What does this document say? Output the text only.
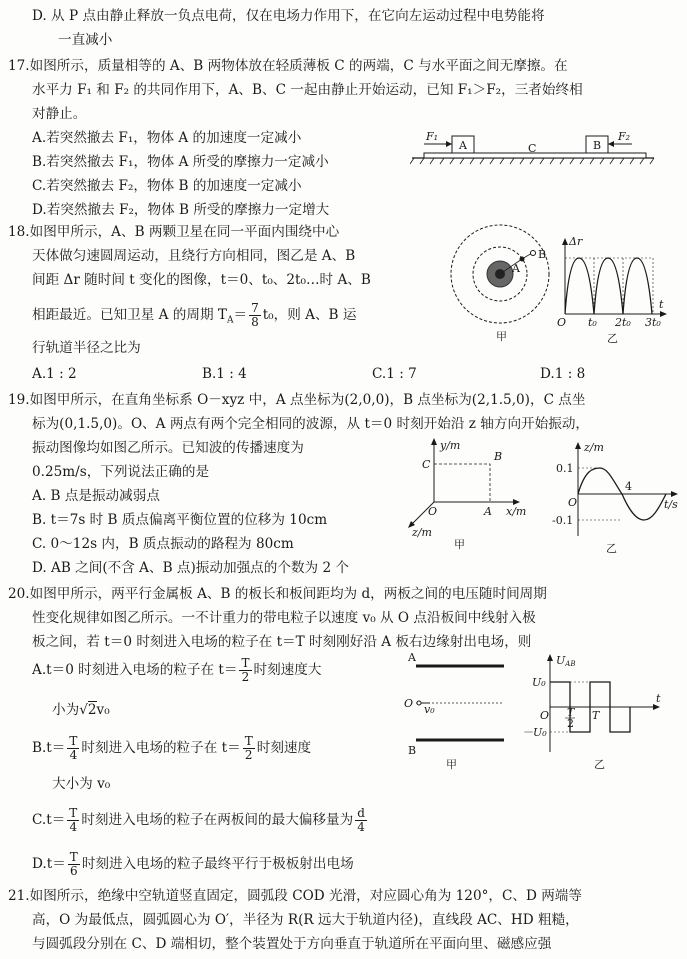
D. 从 P 点由静止释放一负点电荷，仅在电场力作用下，在它向左运动过程中电势能将
一直减小
17.如图所示，质量相等的 A、B 两物体放在轻质薄板 C 的两端，C 与水平面之间无摩擦。在
水平力 F₁ 和 F₂ 的共同作用下，A、B、C 一起由静止开始运动，已知 F₁＞F₂，三者始终相
对静止。
A.若突然撤去 F₁，物体 A 的加速度一定减小
B.若突然撤去 F₁，物体 A 所受的摩擦力一定减小
C.若突然撤去 F₂，物体 B 的加速度一定减小
D.若突然撤去 F₂，物体 B 所受的摩擦力一定增大
F₁	F₂
A	B
C
18.如图甲所示，A、B 两颗卫星在同一平面内围绕中心
天体做匀速圆周运动，且绕行方向相同，图乙是 A、B
间距 Δr 随时间 t 变化的图像，t＝0、t₀、2t₀…时 A、B
相距最近。已知卫星 A 的周期 $T_A= \frac{7}{8} t_0$，则 A、B 运
行轨道半径之比为
A.1 : 2	B.1 : 4	C.1 : 7	D.1 : 8
A
B
甲
Δr
O
t
t₀ 2t₀ 3t₀
乙
19.如图甲所示，在直角坐标系 O－xyz 中，A 点坐标为(2,0,0)，B 点坐标为(2,1.5,0)，C 点坐
标为(0,1.5,0)。O、A 两点有两个完全相同的波源，从 t＝0 时刻开始沿 z 轴方向开始振动，
振动图像均如图乙所示。已知波的传播速度为
0.25m/s，下列说法正确的是
A. B 点是振动减弱点
B. t＝7s 时 B 质点偏离平衡位置的位移为 10cm
C. 0～12s 内，B 质点振动的路程为 80cm
D. AB 之间(不含 A、B 点)振动加强点的个数为 2 个
y/m
x/m
z/m
C
B
A
O
甲
z/m
0.1
-0.1
4
t/s
O
乙
20.如图甲所示，两平行金属板 A、B 的板长和板间距均为 d，两板之间的电压随时间周期
性变化规律如图乙所示。一不计重力的带电粒子以速度 v₀ 从 O 点沿板间中线射入极
板之间，若 t＝0 时刻进入电场的粒子在 t＝T 时刻刚好沿 A 板右边缘射出电场，则
A.t＝0 时刻进入电场的粒子在 $t= \frac{T}{2}$ 时刻速度大
小为√2v₀
$B.t= \frac{T}{4}$ 时刻进入电场的粒子在 $t= \frac{T}{2}$ 时刻速度
大小为 v₀
$C.t= \frac{T}{4}$ 时刻进入电场的粒子在两板间的最大偏移量为 $\frac{d}{4}$
$D.t= \frac{T}{6}$ 时刻进入电场的粒子最终平行于极板射出电场
A
B
O v₀
甲
UAB
U₀
－U₀
O T
2
T
t
乙
21.如图所示，绝缘中空轨道竖直固定，圆弧段 COD 光滑，对应圆心角为 120°，C、D 两端等
高，O 为最低点，圆弧圆心为 O′，半径为 R(R 远大于轨道内径)，直线段 AC、HD 粗糙，
与圆弧段分别在 C、D 端相切，整个装置处于方向垂直于轨道所在平面向里、磁感应强
